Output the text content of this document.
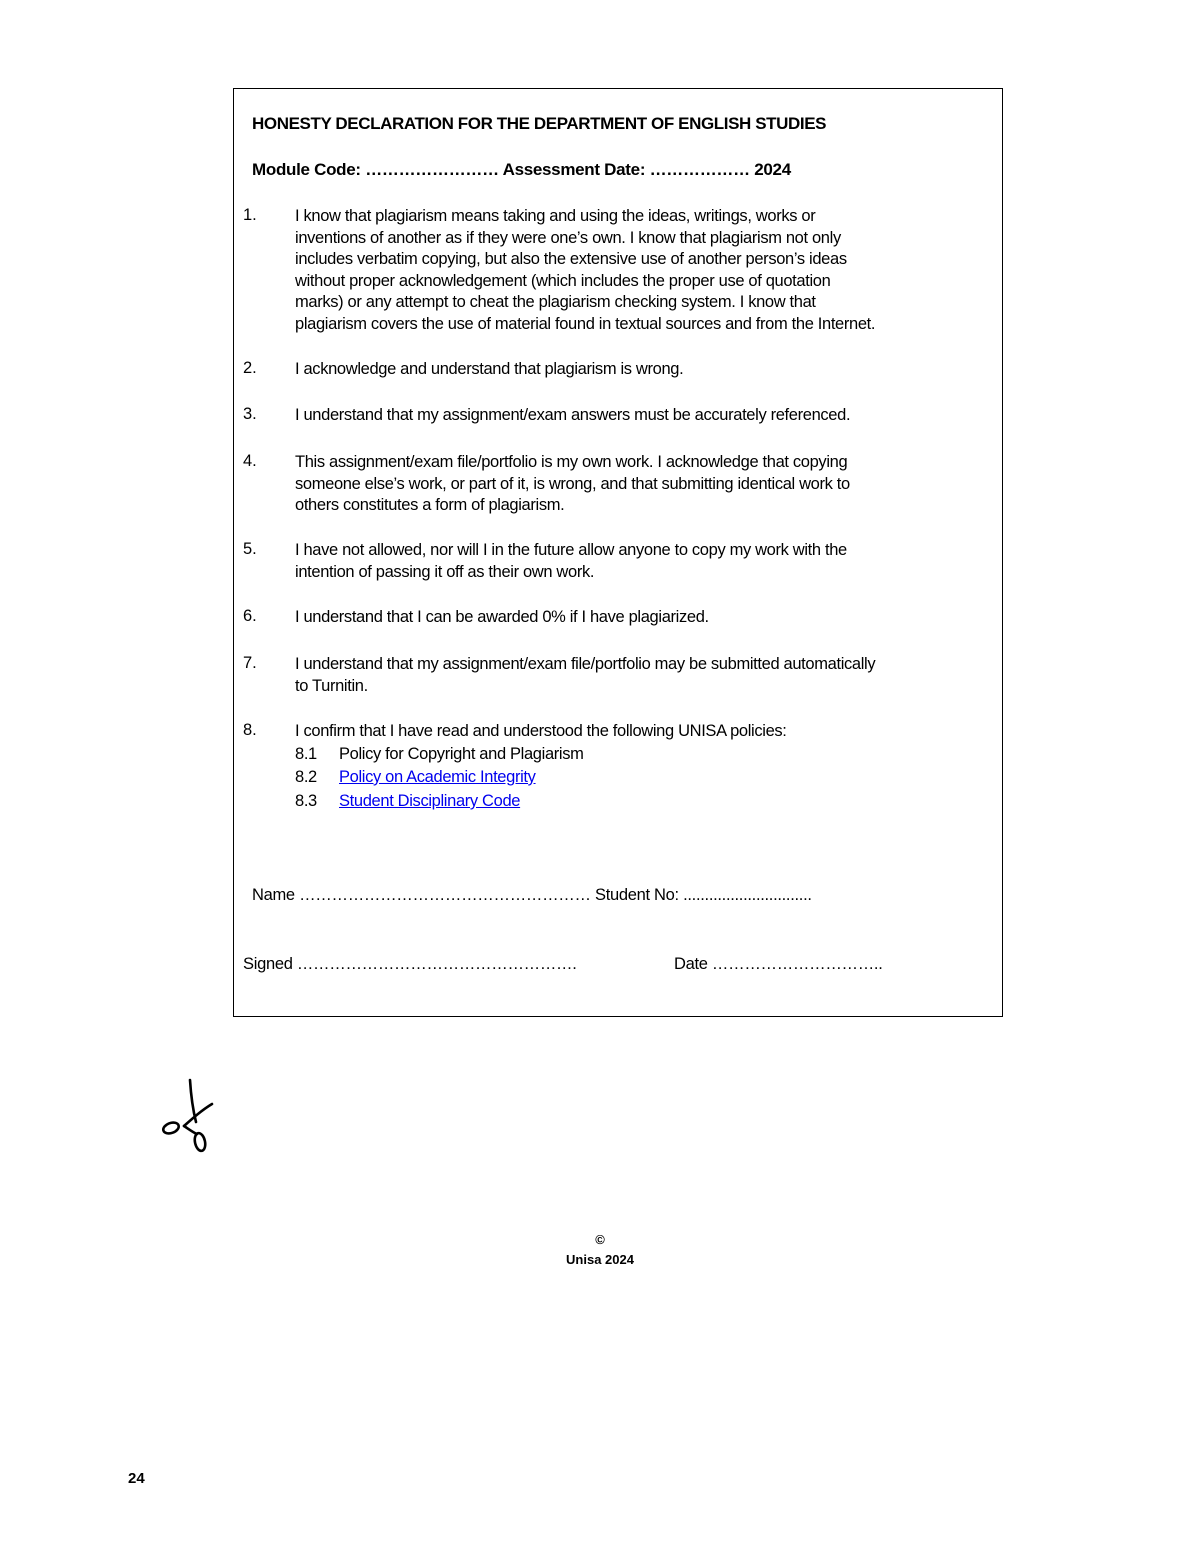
HONESTY DECLARATION FOR THE DEPARTMENT OF ENGLISH STUDIES
Module Code: …………………… Assessment Date: ……………… 2024
1. I know that plagiarism means taking and using the ideas, writings, works or
inventions of another as if they were one’s own. I know that plagiarism not only
includes verbatim copying, but also the extensive use of another person’s ideas
without proper acknowledgement (which includes the proper use of quotation
marks) or any attempt to cheat the plagiarism checking system. I know that
plagiarism covers the use of material found in textual sources and from the Internet.
2. I acknowledge and understand that plagiarism is wrong.
3. I understand that my assignment/exam answers must be accurately referenced.
4. This assignment/exam file/portfolio is my own work. I acknowledge that copying
someone else’s work, or part of it, is wrong, and that submitting identical work to
others constitutes a form of plagiarism.
5. I have not allowed, nor will I in the future allow anyone to copy my work with the
intention of passing it off as their own work.
6. I understand that I can be awarded 0% if I have plagiarized.
7. I understand that my assignment/exam file/portfolio may be submitted automatically
to Turnitin.
8. I confirm that I have read and understood the following UNISA policies:
8.1 Policy for Copyright and Plagiarism
8.2 Policy on Academic Integrity
8.3 Student Disciplinary Code
Name ……………………………………………… Student No: ..............................
Signed …………………………………………….	Date …………………………..
©
Unisa 2024
24
